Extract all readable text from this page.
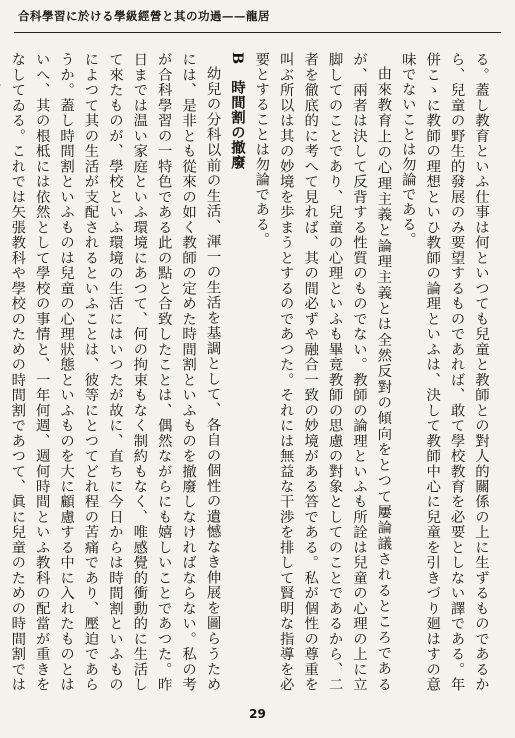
合科學習に於ける學級經營と其の功過——龍居

る。蓋し教育といふ仕事は何といつても兒童と教師との對人的關係の上に生ずるものであるから、兒童の野生的發展のみ要望するものであれば、敢て學校教育を必要としない譯である。年併こゝに教師の理想といひ教師の論理といふは、決して教師中心に兒童を引きづり廻はすの意味でないことは勿論である。

由來教育上の心理主義と論理主義とは全然反對の傾向をとつて屢論議されるところであるが、兩者は決して反背する性質のものでない。教師の論理といふも所詮は兒童の心理の上に立脚してのことであり、兒童の心理といふも畢竟教師の思慮の對象としてのことであるから、二者を徹底的に考へて見れば、其の間必ずや融合一致の妙境がある答である。私が個性の尊重を叫ぶ所以は其の妙境を歩まうとするのであつた。それには無益な干渉を排して賢明な指導を必要とすることは勿論である。

B　時間割の撤廢

幼兒の分科以前の生活、渾一の生活を基調として、各自の個性の遺憾なき伸展を圖らうためには、是非とも從來の如く教師の定めた時間割といふものを撤廢しなければならない。私の考が合科學習の一特色である此の點と合致したことは、偶然ながらにも嬉しいことであつた。昨日までは温い家庭といふ環境にあつて、何の拘束もなく制約もなく、唯感覺的衝動的に生活して來たものが、學校といふ環境の生活にはいつたが故に、直ちに今日からは時間割といふものによつて其の生活が支配されるといふことは、彼等にとつてどれ程の苦痛であり、壓迫であらうか。蓋し時間割といふものは兒童の心理狀態といふものを大に顧慮する中に入れたものとはいへ、其の根柢には依然として學校の事情と、一年何週、週何時間といふ教科の配當が重きをなしてゐる。これでは矢張教科や學校のための時間割であつて、眞に兒童のための時間割では

29
